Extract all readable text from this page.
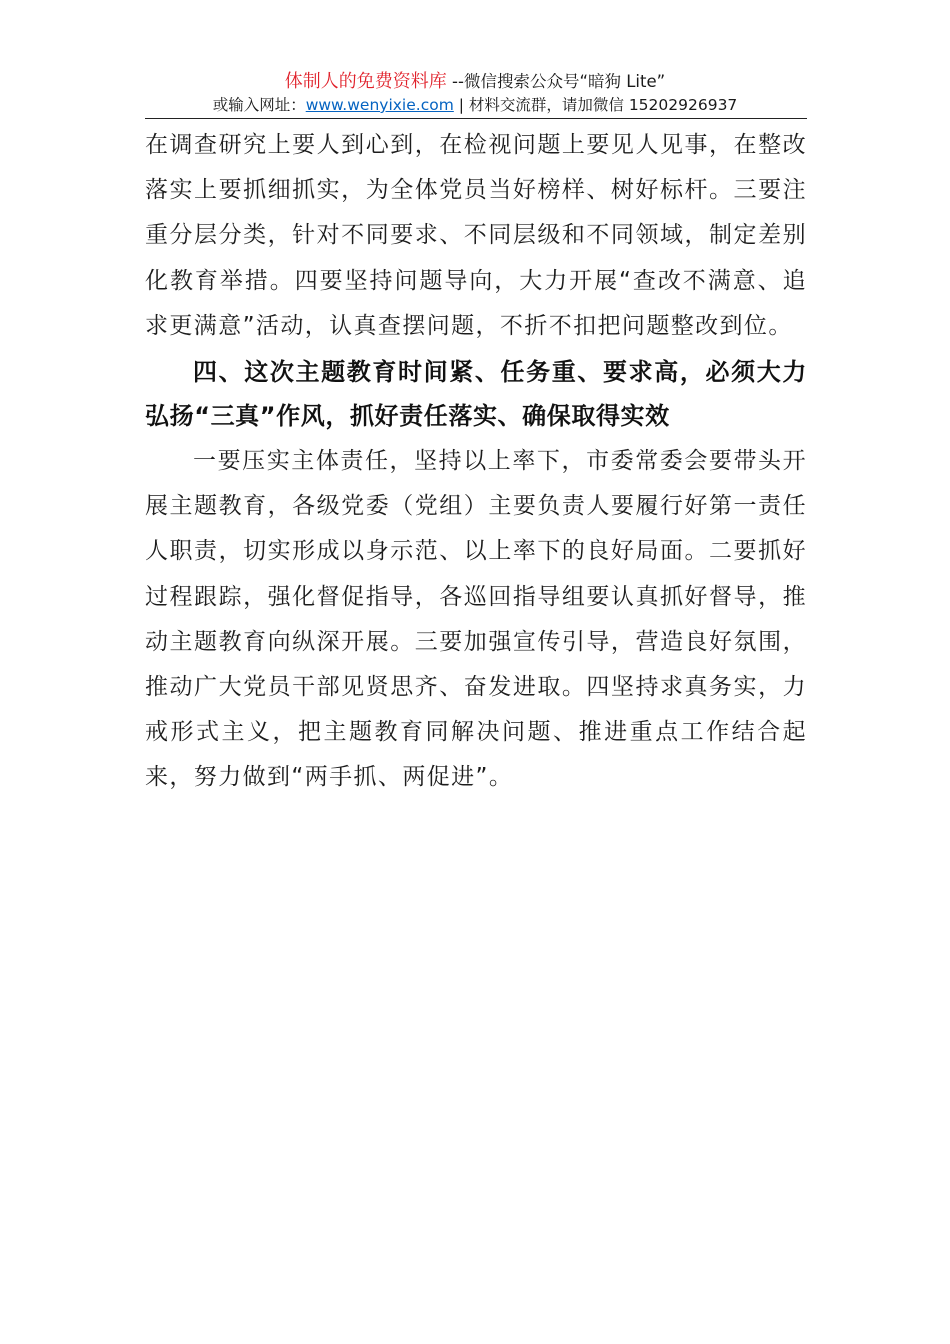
体制人的免费资料库 --微信搜索公众号“暗狗 Lite”
或输入网址：www.wenyixie.com | 材料交流群，请加微信 15202926937

在调查研究上要人到心到，在检视问题上要见人见事，在整改落实上要抓细抓实，为全体党员当好榜样、树好标杆。三要注重分层分类，针对不同要求、不同层级和不同领域，制定差别化教育举措。四要坚持问题导向，大力开展“查改不满意、追求更满意”活动，认真查摆问题，不折不扣把问题整改到位。

四、这次主题教育时间紧、任务重、要求高，必须大力弘扬“三真”作风，抓好责任落实、确保取得实效

一要压实主体责任，坚持以上率下，市委常委会要带头开展主题教育，各级党委（党组）主要负责人要履行好第一责任人职责，切实形成以身示范、以上率下的良好局面。二要抓好过程跟踪，强化督促指导，各巡回指导组要认真抓好督导，推动主题教育向纵深开展。三要加强宣传引导，营造良好氛围，推动广大党员干部见贤思齐、奋发进取。四坚持求真务实，力戒形式主义，把主题教育同解决问题、推进重点工作结合起来，努力做到“两手抓、两促进”。
